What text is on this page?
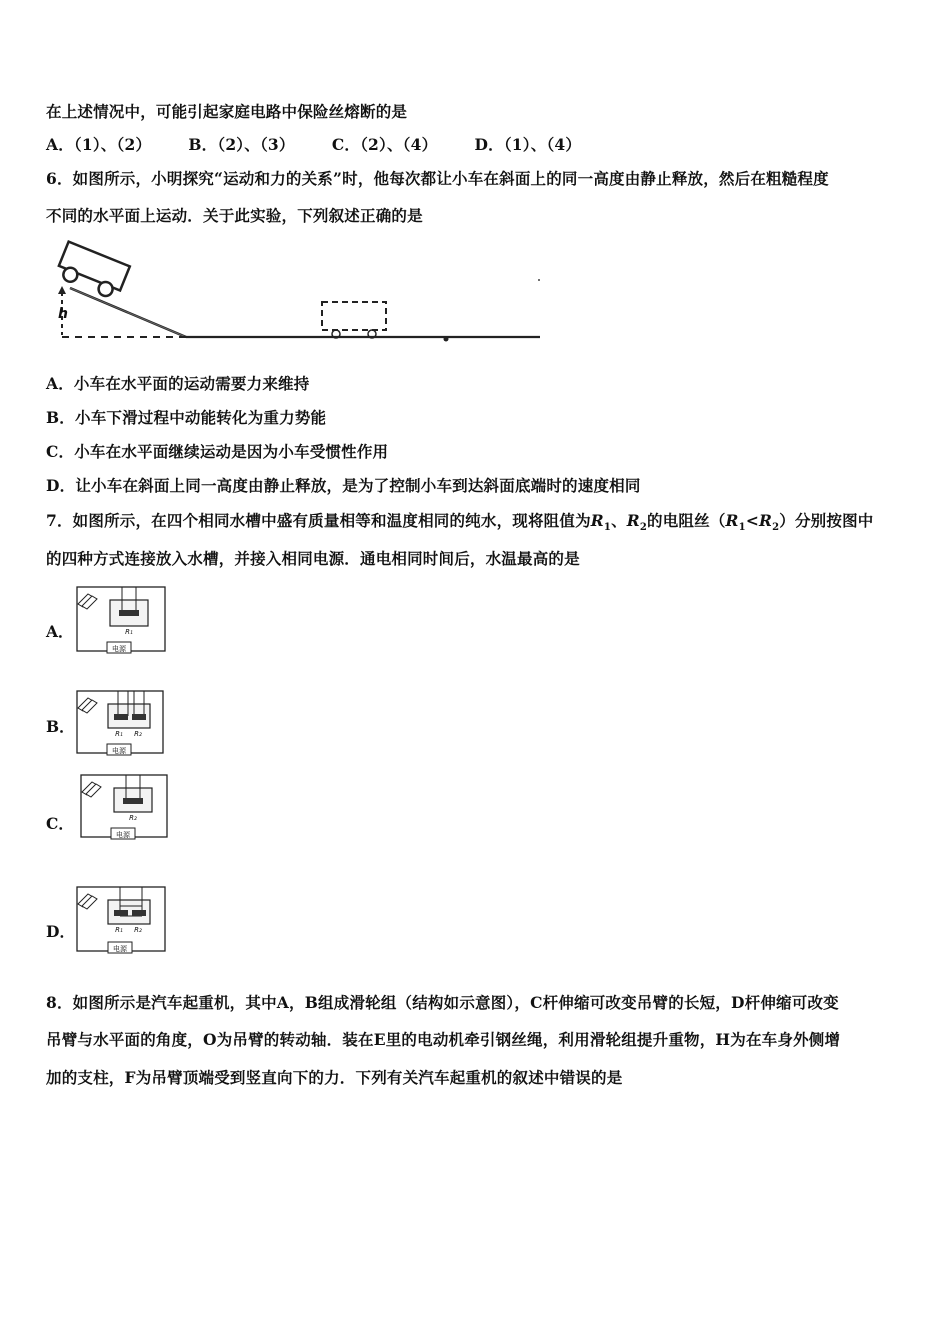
在上述情况中，可能引起家庭电路中保险丝熔断的是
A．（1）、（2） B．（2）、（3） C．（2）、（4） D．（1）、（4）
6．如图所示，小明探究“运动和力的关系”时，他每次都让小车在斜面上的同一高度由静止释放，然后在粗糙程度
不同的水平面上运动．关于此实验，下列叙述正确的是
h
A．小车在水平面的运动需要力来维持
B．小车下滑过程中动能转化为重力势能
C．小车在水平面继续运动是因为小车受惯性作用
D．让小车在斜面上同一高度由静止释放，是为了控制小车到达斜面底端时的速度相同
7．如图所示，在四个相同水槽中盛有质量相等和温度相同的纯水，现将阻值为$R_1$、$R_2$的电阻丝$(R_1<R_2)$分别按图中
的四种方式连接放入水槽，并接入相同电源．通电相同时间后，水温最高的是
A．
电源
R₁
B．
电源
R₁ R₂
C．
电源
R₂
D．
电源
R₁ R₂
8．如图所示是汽车起重机，其中A，B组成滑轮组（结构如示意图），C杆伸缩可改变吊臂的长短，D杆伸缩可改变
吊臂与水平面的角度，O为吊臂的转动轴．装在E里的电动机牵引钢丝绳，利用滑轮组提升重物，H为在车身外侧增
加的支柱，F为吊臂顶端受到竖直向下的力．下列有关汽车起重机的叙述中错误的是
